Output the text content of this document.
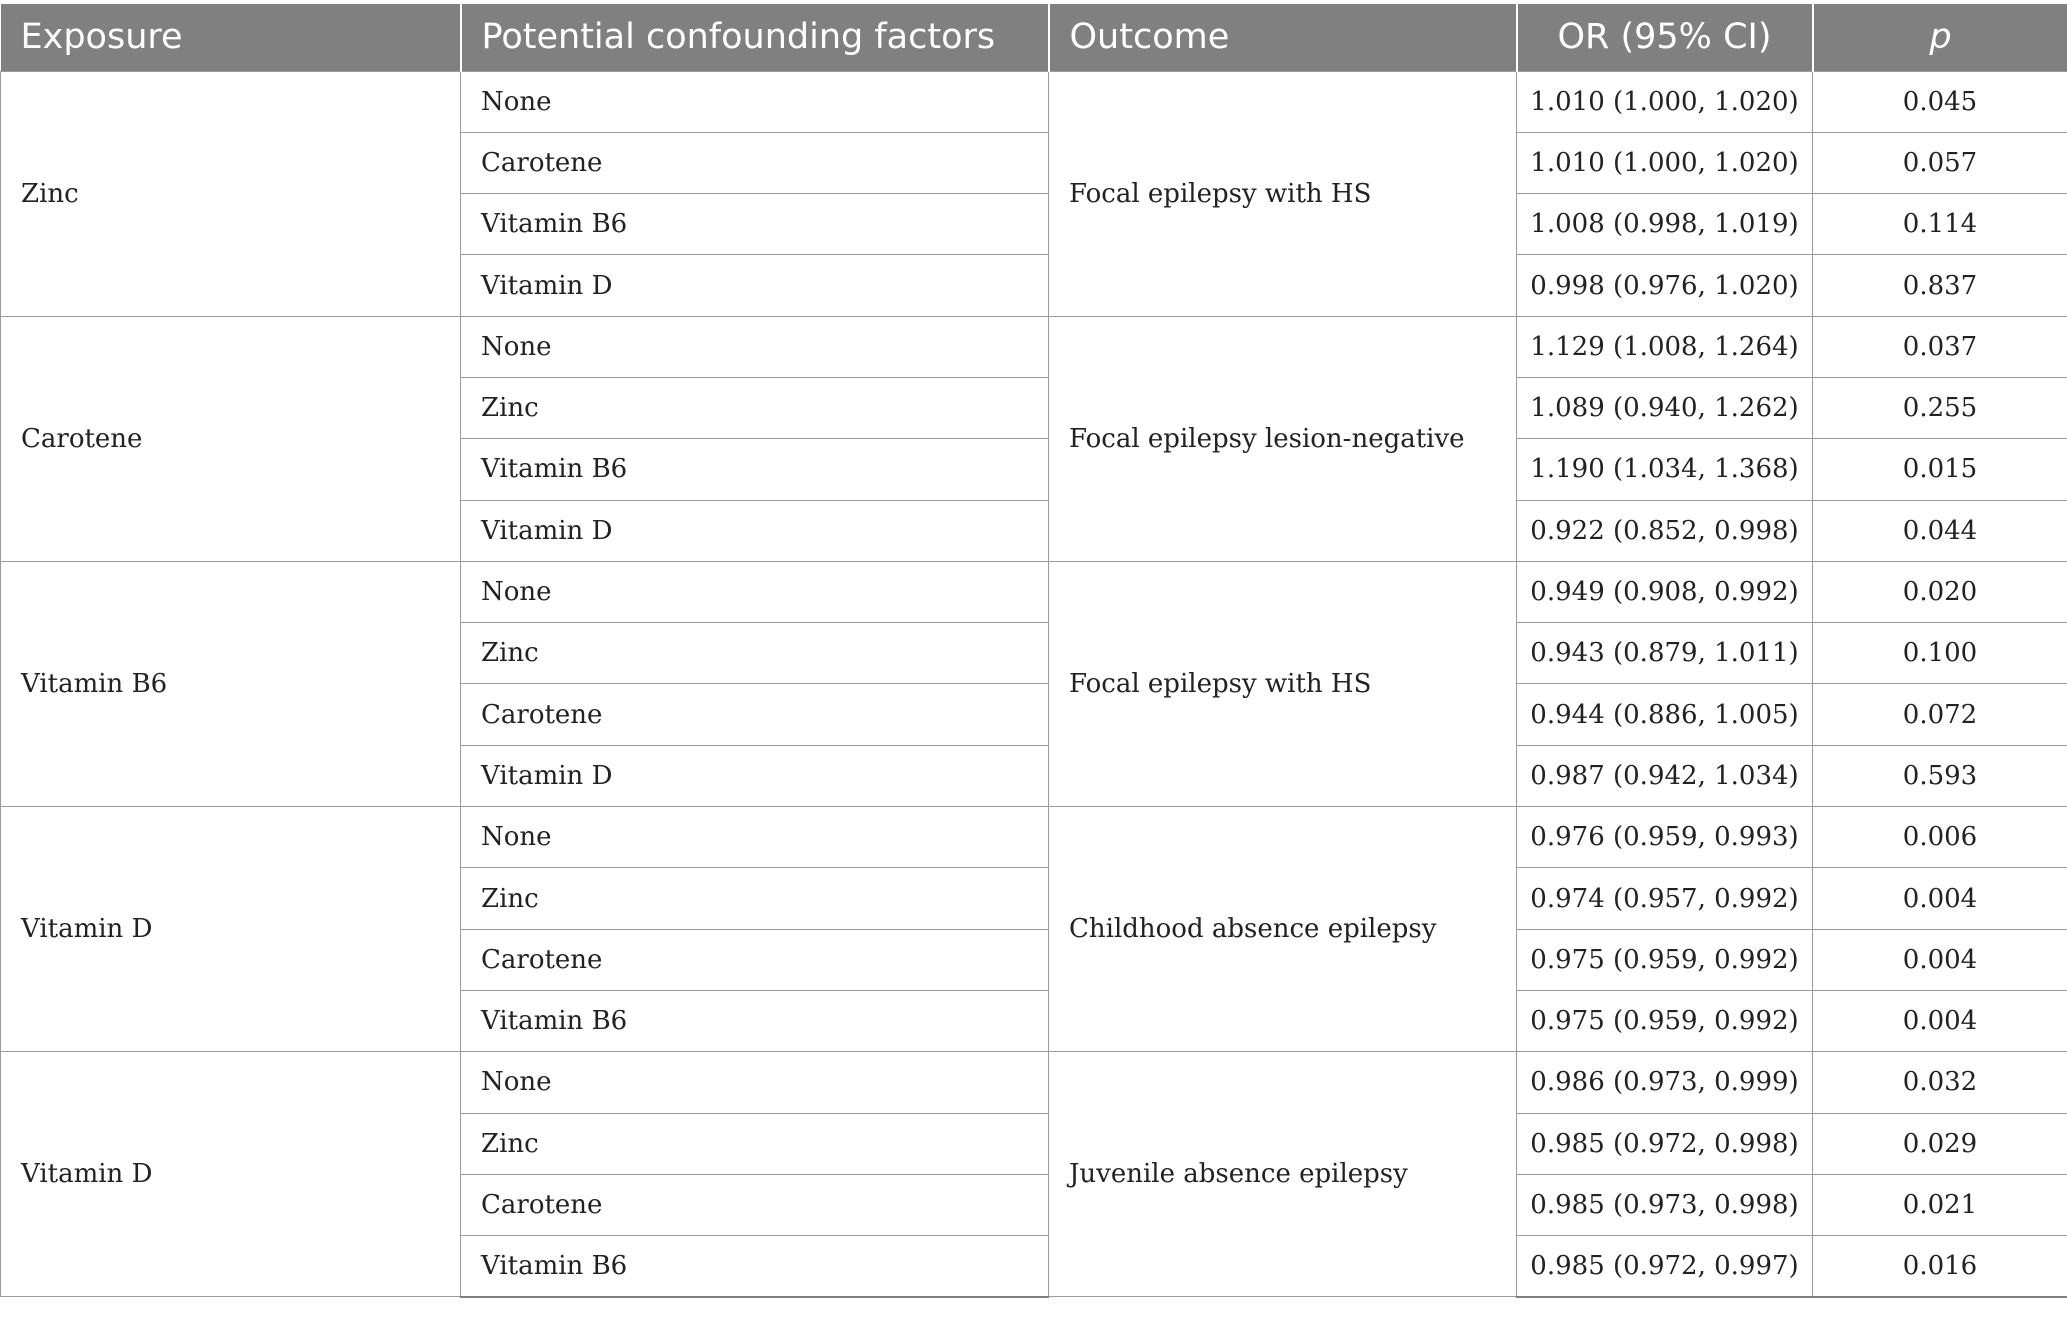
Exposure	Potential confounding factors	Outcome	OR (95% CI)	p
Zinc	None	Focal epilepsy with HS	1.010 (1.000, 1.020)	0.045
	Carotene		1.010 (1.000, 1.020)	0.057
	Vitamin B6		1.008 (0.998, 1.019)	0.114
	Vitamin D		0.998 (0.976, 1.020)	0.837
Carotene	None	Focal epilepsy lesion-negative	1.129 (1.008, 1.264)	0.037
	Zinc		1.089 (0.940, 1.262)	0.255
	Vitamin B6		1.190 (1.034, 1.368)	0.015
	Vitamin D		0.922 (0.852, 0.998)	0.044
Vitamin B6	None	Focal epilepsy with HS	0.949 (0.908, 0.992)	0.020
	Zinc		0.943 (0.879, 1.011)	0.100
	Carotene		0.944 (0.886, 1.005)	0.072
	Vitamin D		0.987 (0.942, 1.034)	0.593
Vitamin D	None	Childhood absence epilepsy	0.976 (0.959, 0.993)	0.006
	Zinc		0.974 (0.957, 0.992)	0.004
	Carotene		0.975 (0.959, 0.992)	0.004
	Vitamin B6		0.975 (0.959, 0.992)	0.004
Vitamin D	None	Juvenile absence epilepsy	0.986 (0.973, 0.999)	0.032
	Zinc		0.985 (0.972, 0.998)	0.029
	Carotene		0.985 (0.973, 0.998)	0.021
	Vitamin B6		0.985 (0.972, 0.997)	0.016
